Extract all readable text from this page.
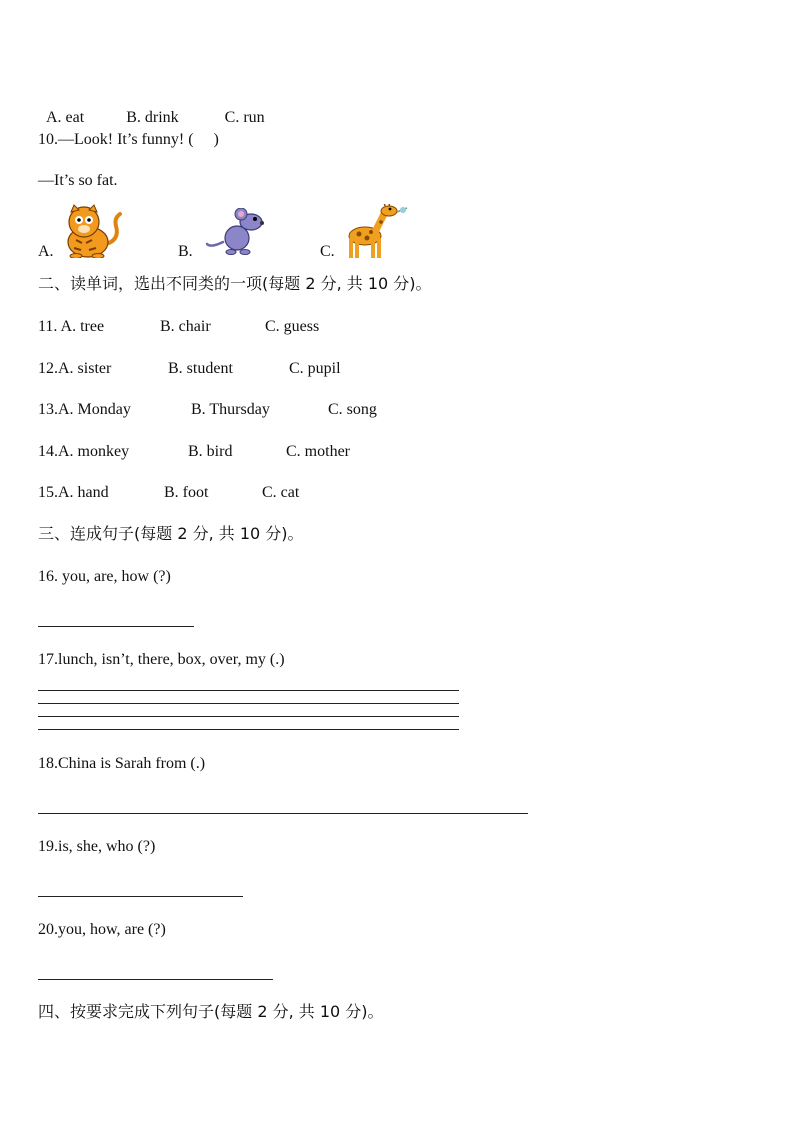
A. eat	B. drink	C. run

10.—Look! It’s funny! (     )
—It’s so fat.
A.	B.	C.
二、读单词，选出不同类的一项(每题 2 分, 共 10 分)。
11. A. tree	B. chair	C. guess
12.A. sister	B. student	C. pupil
13.A. Monday	B. Thursday	C. song
14.A. monkey	B. bird	C. mother
15.A. hand	B. foot	C. cat
三、连成句子(每题 2 分, 共 10 分)。
16. you, are, how (?)
17.lunch, isn’t, there, box, over, my (.)
18.China is Sarah from (.)
19.is, she, who (?)
20.you, how, are (?)
四、按要求完成下列句子(每题 2 分, 共 10 分)。
